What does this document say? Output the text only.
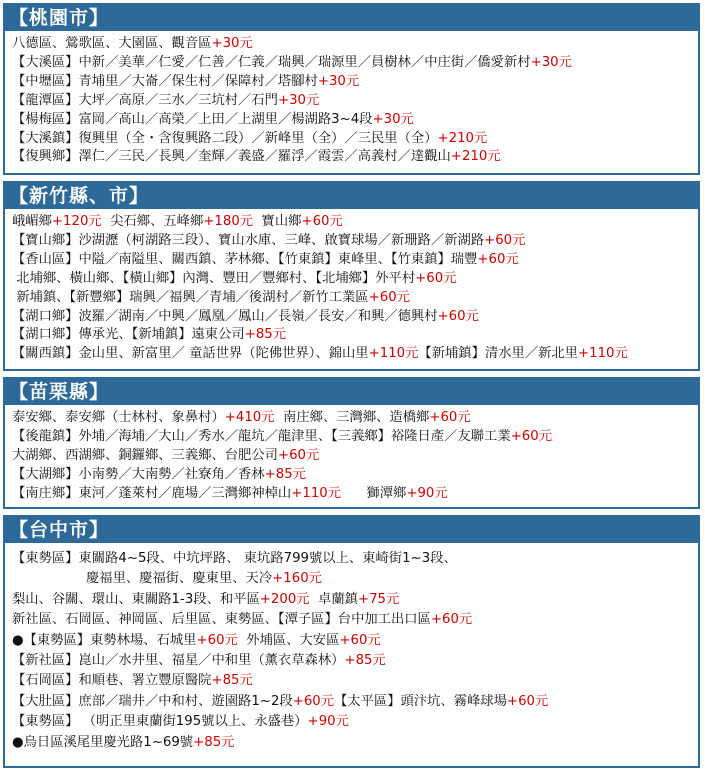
【桃園市】
八德區、鶯歌區、大園區、觀音區+30元
【大溪區】中新／美華／仁愛／仁善／仁義／瑞興／瑞源里／員樹林／中庄街／僑愛新村+30元
【中壢區】青埔里／大崙／保生村／保障村／塔腳村+30元
【龍潭區】大坪／高原／三水／三坑村／石門+30元
【楊梅區】富岡／高山／高榮／上田／上湖里／楊湖路3~4段+30元
【大溪鎮】復興里（全・含復興路二段）／新峰里（全）／三民里（全）+210元
【復興鄉】澤仁／三民／長興／奎輝／義盛／羅浮／霞雲／高義村／達觀山+210元
【新竹縣、市】
峨嵋鄉+120元  尖石鄉、五峰鄉+180元  寶山鄉+60元
【寶山鄉】沙湖瀝（柯湖路三段）、寶山水庫、三峰、啟寶球場／新珊路／新湖路+60元
【香山區】中隘／南隘里、關西鎮、茅林鄉、【竹東鎮】東峰里、【竹東鎮】瑞豐+60元
北埔鄉、橫山鄉、【橫山鄉】內灣、豐田／豐鄉村、【北埔鄉】外平村+60元
新埔鎮、【新豐鄉】瑞興／福興／青埔／後湖村／新竹工業區+60元
【湖口鄉】波羅／湖南／中興／鳳凰／鳳山／長嶺／長安／和興／德興村+60元
【湖口鄉】傳承光、【新埔鎮】遠東公司+85元
【關西鎮】金山里、新富里／ 童話世界（陀佛世界）、錦山里+110元【新埔鎮】清水里／新北里+110元
【苗栗縣】
泰安鄉、泰安鄉（士林村、象鼻村）+410元  南庄鄉、三灣鄉、造橋鄉+60元
【後龍鎮】外埔／海埔／大山／秀水／龍坑／龍津里、【三義鄉】裕隆日產／友聯工業+60元
大湖鄉、西湖鄉、銅鑼鄉、三義鄉、台肥公司+60元
【大湖鄉】小南勢／大南勢／社寮角／香林+85元
【南庄鄉】東河／蓬萊村／鹿場／三灣鄉神棹山+110元      獅潭鄉+90元
【台中市】
【東勢區】東關路4~5段、中坑坪路、 東坑路799號以上、東崎街1~3段、
慶福里、慶福街、慶東里、天冷+160元
梨山、谷關、環山、東關路1-3段、和平區+200元  卓蘭鎮+75元
新社區、石岡區、神岡區、后里區、東勢區、【潭子區】台中加工出口區+60元
●【東勢區】東勢林場、石城里+60元  外埔區、大安區+60元
【新社區】崑山／水井里、福星／中和里（薰衣草森林）+85元
【石岡區】和順巷、署立豐原醫院+85元
【大肚區】庶部／瑞井／中和村、遊園路1~2段+60元【太平區】頭汴坑、霧峰球場+60元
【東勢區】 （明正里東蘭街195號以上、永盛巷）+90元
●烏日區溪尾里慶光路1~69號+85元
